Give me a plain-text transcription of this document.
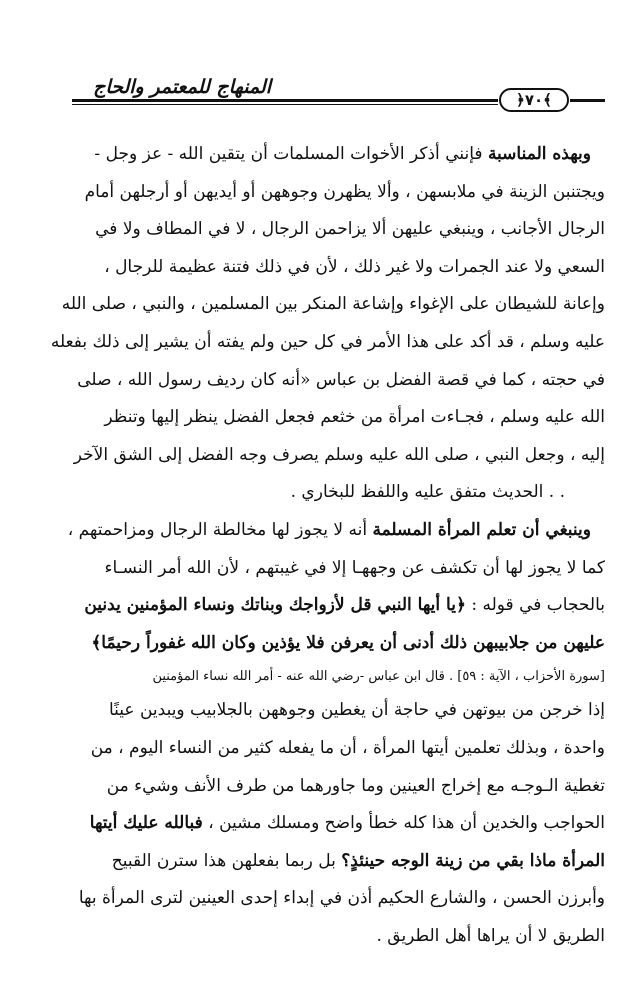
المنهاج للمعتمر والحاج
﴿٧٠﴾
وبهذه المناسبة فإنني أذكر الأخوات المسلمات أن يتقين الله - عز وجل -
ويجتنبن الزينة في ملابسهن ، وألا يظهرن وجوههن أو أيديهن أو أرجلهن أمام
الرجال الأجانب ، وينبغي عليهن ألا يزاحمن الرجال ، لا في المطاف ولا في
السعي ولا عند الجمرات ولا غير ذلك ، لأن في ذلك فتنة عظيمة للرجال ،
وإعانة للشيطان على الإغواء وإشاعة المنكر بين المسلمين ، والنبي ، صلى الله
عليه وسلم ، قد أكد على هذا الأمر في كل حين ولم يفته أن يشير إلى ذلك بفعله
في حجته ، كما في قصة الفضل بن عباس «أنه كان رديف رسول الله ، صلى
الله عليه وسلم ، فجـاءت امرأة من خثعم فجعل الفضل ينظر إليها وتنظر
إليه ، وجعل النبي ، صلى الله عليه وسلم يصرف وجه الفضل إلى الشق الآخر
. . الحديث متفق عليه واللفظ للبخاري .
وينبغي أن تعلم المرأة المسلمة أنه لا يجوز لها مخالطة الرجال ومزاحمتهم ،
كما لا يجوز لها أن تكشف عن وجههـا إلا في غيبتهم ، لأن الله أمر النسـاء
بالحجاب في قوله : ﴿يا أيها النبي قل لأزواجك وبناتك ونساء المؤمنين يدنين
عليهن من جلابيبهن ذلك أدنى أن يعرفن فلا يؤذين وكان الله غفوراً رحيمًا﴾
[سورة الأحزاب ، الآية : ٥٩] . قال ابن عباس -رضي الله عنه - أمر الله نساء المؤمنين
إذا خرجن من بيوتهن في حاجة أن يغطين وجوههن بالجلابيب ويبدين عينًا
واحدة ، وبذلك تعلمين أيتها المرأة ، أن ما يفعله كثير من النساء اليوم ، من
تغطية الـوجـه مع إخراج العينين وما جاورهما من طرف الأنف وشيء من
الحواجب والخدين أن هذا كله خطأ واضح ومسلك مشين ، فبالله عليك أيتها
المرأة ماذا بقي من زينة الوجه حينئذٍ؟ بل ربما بفعلهن هذا سترن القبيح
وأبرزن الحسن ، والشارع الحكيم أذن في إبداء إحدى العينين لترى المرأة بها
الطريق لا أن يراها أهل الطريق .
